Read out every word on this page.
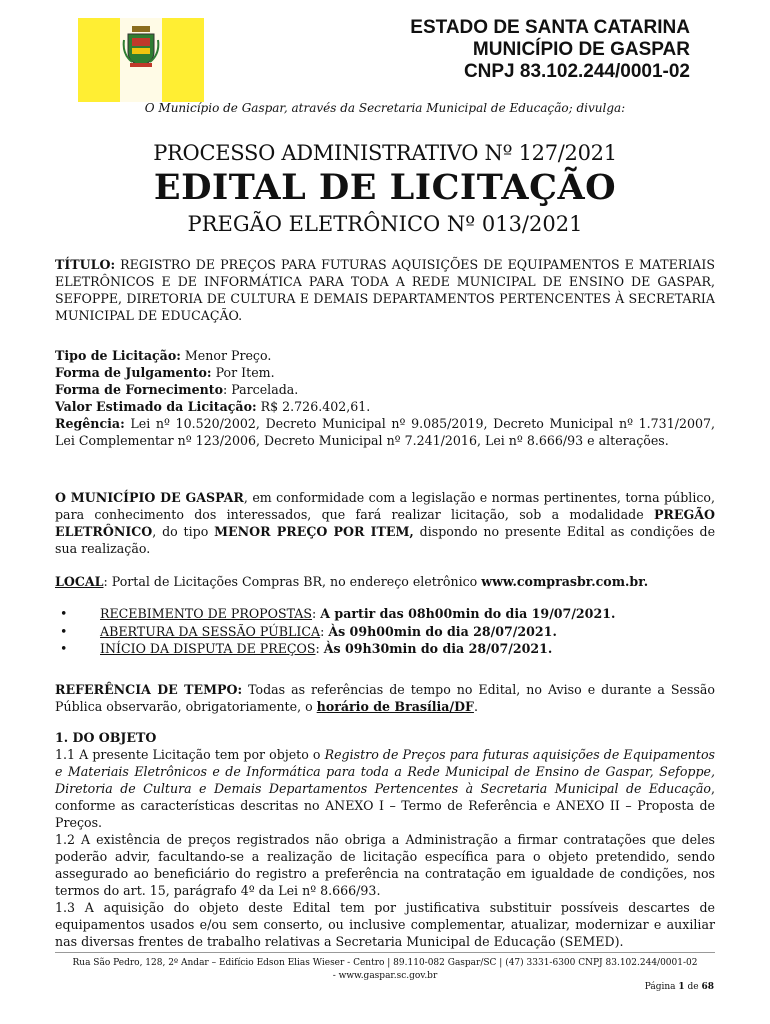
ESTADO DE SANTA CATARINA
MUNICÍPIO DE GASPAR
CNPJ 83.102.244/0001-02
O Município de Gaspar, através da Secretaria Municipal de Educação; divulga:
PROCESSO ADMINISTRATIVO Nº 127/2021
EDITAL DE LICITAÇÃO
PREGÃO ELETRÔNICO Nº 013/2021
TÍTULO: REGISTRO DE PREÇOS PARA FUTURAS AQUISIÇÕES DE EQUIPAMENTOS E MATERIAIS ELETRÔNICOS E DE INFORMÁTICA PARA TODA A REDE MUNICIPAL DE ENSINO DE GASPAR, SEFOPPE, DIRETORIA DE CULTURA E DEMAIS DEPARTAMENTOS PERTENCENTES À SECRETARIA MUNICIPAL DE EDUCAÇÃO.
Tipo de Licitação: Menor Preço.
Forma de Julgamento: Por Item.
Forma de Fornecimento: Parcelada.
Valor Estimado da Licitação: R$ 2.726.402,61.
Regência: Lei nº 10.520/2002, Decreto Municipal nº 9.085/2019, Decreto Municipal nº 1.731/2007, Lei Complementar nº 123/2006, Decreto Municipal nº 7.241/2016, Lei nº 8.666/93 e alterações.
O MUNICÍPIO DE GASPAR, em conformidade com a legislação e normas pertinentes, torna público, para conhecimento dos interessados, que fará realizar licitação, sob a modalidade PREGÃO ELETRÔNICO, do tipo MENOR PREÇO POR ITEM, dispondo no presente Edital as condições de sua realização.
LOCAL: Portal de Licitações Compras BR, no endereço eletrônico www.comprasbr.com.br.
•	RECEBIMENTO DE PROPOSTAS: A partir das 08h00min do dia 19/07/2021.
•	ABERTURA DA SESSÃO PÚBLICA: Às 09h00min do dia 28/07/2021.
•	INÍCIO DA DISPUTA DE PREÇOS: Às 09h30min do dia 28/07/2021.
REFERÊNCIA DE TEMPO: Todas as referências de tempo no Edital, no Aviso e durante a Sessão Pública observarão, obrigatoriamente, o horário de Brasília/DF.
1. DO OBJETO
1.1 A presente Licitação tem por objeto o Registro de Preços para futuras aquisições de Equipamentos e Materiais Eletrônicos e de Informática para toda a Rede Municipal de Ensino de Gaspar, Sefoppe, Diretoria de Cultura e Demais Departamentos Pertencentes à Secretaria Municipal de Educação, conforme as características descritas no ANEXO I – Termo de Referência e ANEXO II – Proposta de Preços.
1.2 A existência de preços registrados não obriga a Administração a firmar contratações que deles poderão advir, facultando-se a realização de licitação específica para o objeto pretendido, sendo assegurado ao beneficiário do registro a preferência na contratação em igualdade de condições, nos termos do art. 15, parágrafo 4º da Lei nº 8.666/93.
1.3 A aquisição do objeto deste Edital tem por justificativa substituir possíveis descartes de equipamentos usados e/ou sem conserto, ou inclusive complementar, atualizar, modernizar e auxiliar nas diversas frentes de trabalho relativas a Secretaria Municipal de Educação (SEMED).
Rua São Pedro, 128, 2º Andar – Edifício Edson Elias Wieser - Centro | 89.110-082 Gaspar/SC | (47) 3331-6300 CNPJ 83.102.244/0001-02
- www.gaspar.sc.gov.br
Página 1 de 68
